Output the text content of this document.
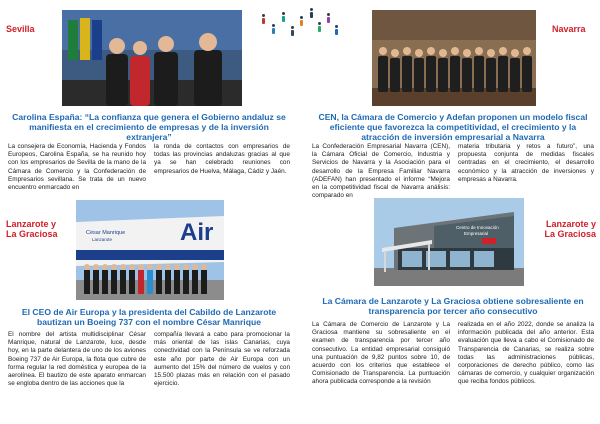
Sevilla

Carolina España: “La confianza que genera el Gobierno andaluz se manifiesta en el crecimiento de empresas y de la inversión extranjera”

La consejera de Economía, Hacienda y Fondos Europeos, Carolina España, se ha reunido hoy con los empresarios de Sevilla de la mano de la Cámara de Comercio y la Confederación de Empresarios sevillana. Se trata de un nuevo encuentro enmarcado en

la ronda de contactos con empresarios de todas las provincias andaluzas gracias al que ya se han celebrado reuniones con empresarios de Huelva, Málaga, Cádiz y Jaén.

Navarra

CEN, la Cámara de Comercio y Adefan proponen un modelo fiscal eficiente que favorezca la competitividad, el crecimiento y la atracción de inversión empresarial a Navarra

La Confederación Empresarial Navarra (CEN), la Cámara Oficial de Comercio, Industria y Servicios de Navarra y la Asociación para el desarrollo de la Empresa Familiar Navarra (ADEFAN) han presentado el informe “Mejora en la competitividad fiscal de Navarra análisis: comparado en

materia tributaria y retos a futuro”, una propuesta conjunta de medidas fiscales centradas en el crecimiento, el desarrollo económico y la atracción de inversiones y empresas a Navarra.

Lanzarote y La Graciosa	Air
César Manrique
Lanzarote

El CEO de Air Europa y la presidenta del Cabildo de Lanzarote bautizan un Boeing 737 con el nombre César Manrique

El nombre del artista multidisciplinar César Manrique, natural de Lanzarote, luce, desde hoy, en la parte delantera de uno de los aviones Boeing 737 de Air Europa, la flota que cubre de forma regular la red doméstica y europea de la aerolínea. El bautizo de este aparato enmarcan se engloba dentro de las acciones que la

compañía llevará a cabo para promocionar la más oriental de las islas Canarias, cuya conectividad con la Península se ve reforzada este año por parte de Air Europa con un aumento del 15% del número de vuelos y con 15.500 plazas más en relación con el pasado ejercicio.

Lanzarote y La Graciosa
Centro de Innovación
Empresarial

La Cámara de Lanzarote y La Graciosa obtiene sobresaliente en transparencia por tercer año consecutivo

La Cámara de Comercio de Lanzarote y La Graciosa mantiene su sobresaliente en el examen de transparencia por tercer año consecutivo. La entidad empresarial consiguió una puntuación de 9,82 puntos sobre 10, de acuerdo con los criterios que establece el Comisionado de Transparencia. La puntuación ahora publicada corresponde a la revisión

realizada en el año 2022, donde se analiza la información publicada del año anterior. Esta evaluación que lleva a cabo el Comisionado de Transparencia de Canarias, se realiza sobre todas las administraciones públicas, corporaciones de derecho público, como las cámaras de comercio, y cualquier organización que reciba fondos públicos.
